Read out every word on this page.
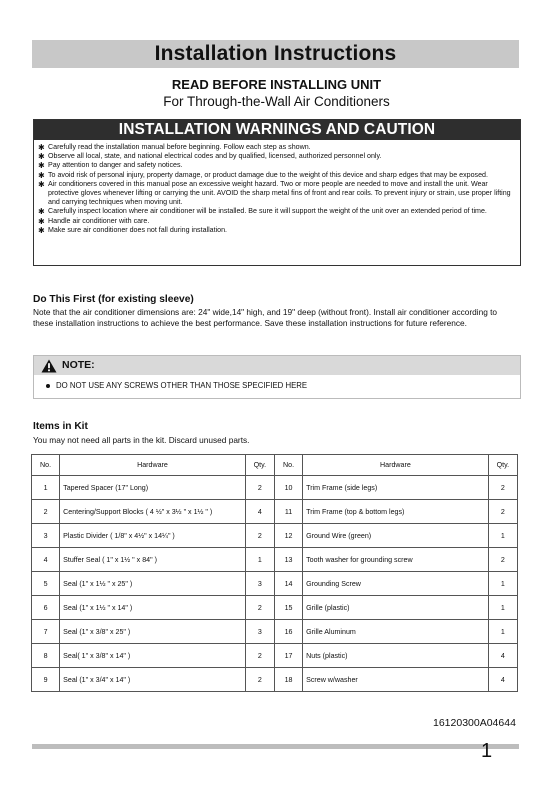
Installation Instructions
READ BEFORE INSTALLING UNIT
For Through-the-Wall Air Conditioners
INSTALLATION WARNINGS AND CAUTION
✱ Carefully read the installation manual before beginning. Follow each step as shown.
✱ Observe all local, state, and national electrical codes and by qualified, licensed, authorized personnel only.
✱ Pay attention to danger and safety notices.
✱ To avoid risk of personal injury, property damage, or product damage due to the weight of this device and sharp edges that may be exposed.
✱ Air conditioners covered in this manual pose an excessive weight hazard. Two or more people are needed to move and install the unit. Wear protective gloves whenever lifting or carrying the unit. AVOID the sharp metal fins of front and rear coils. To prevent injury or strain, use proper lifting and carrying techniques when moving unit.
✱ Carefully inspect location where air conditioner will be installed. Be sure it will support the weight of the unit over an extended period of time.
✱ Handle air conditioner with care.
✱ Make sure air conditioner does not fall during installation.
Do This First (for existing sleeve)
Note that the air conditioner dimensions are: 24" wide,14" high, and 19" deep (without front). Install air conditioner according to these installation instructions to achieve the best performance. Save these installation instructions for future reference.
NOTE:
DO NOT USE ANY SCREWS OTHER THAN THOSE SPECIFIED HERE
Items in Kit
You may not need all parts in the kit. Discard unused parts.
No.	Hardware	Qty.	No.	Hardware	Qty.
1	Tapered Spacer (17" Long)	2	10	Trim Frame (side legs)	2
2	Centering/Support Blocks ( 4 ½" x 3½ " x 1½ " )	4	11	Trim Frame (top & bottom legs)	2
3	Plastic Divider ( 1/8" x 4½" x 14¼" )	2	12	Ground Wire (green)	1
4	Stuffer Seal ( 1" x 1½ " x 84" )	1	13	Tooth washer for grounding screw	2
5	Seal (1" x 1½ " x 25" )	3	14	Grounding Screw	1
6	Seal (1" x 1½ " x 14" )	2	15	Grille (plastic)	1
7	Seal (1" x 3/8" x 25" )	3	16	Grille Aluminum	1
8	Seal( 1" x 3/8" x 14" )	2	17	Nuts (plastic)	4
9	Seal (1" x 3/4" x 14" )	2	18	Screw w/washer	4
16120300A04644
1
